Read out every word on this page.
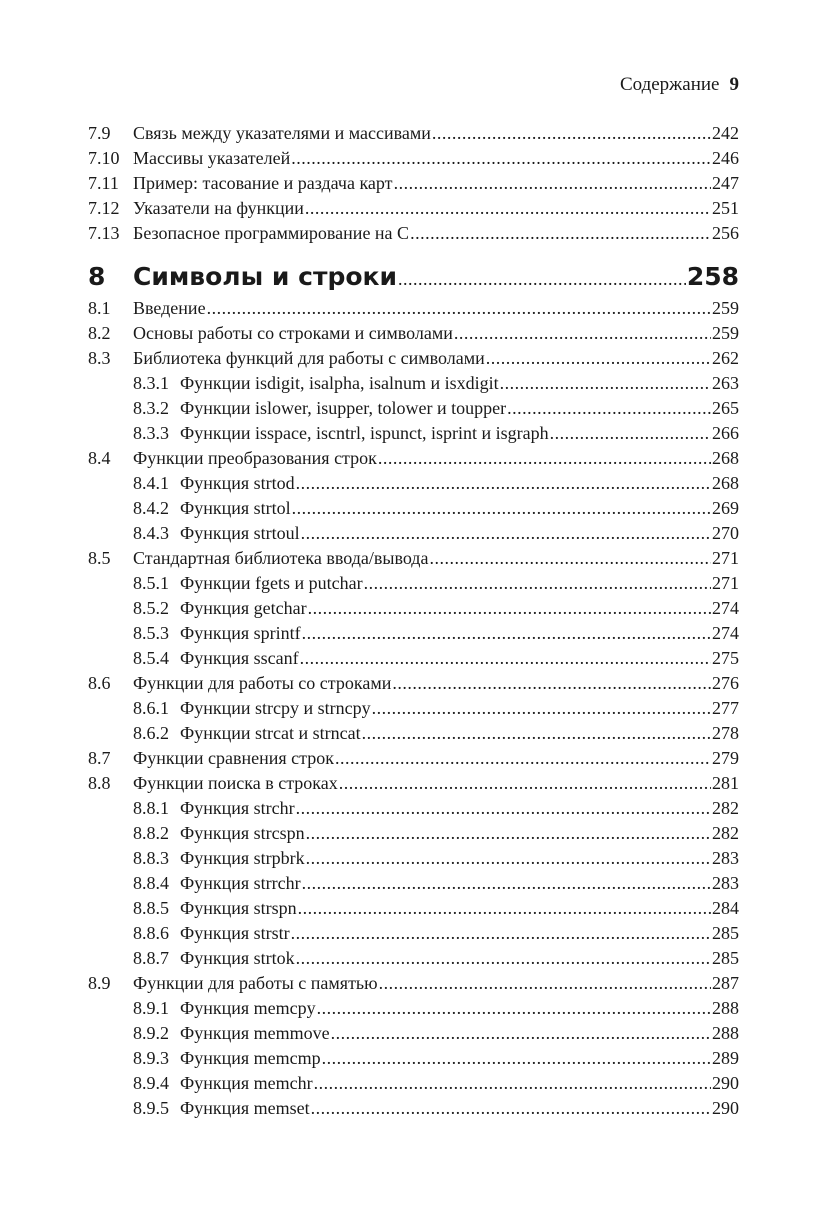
Содержание 9
7.9	Связь между указателями и массивами .....	242
7.10 Массивы указателей .....	246
7.11 Пример: тасование и раздача карт .....	247
7.12 Указатели на функции .....	251
7.13 Безопасное программирование на C .....	256
8	Символы и строки .....	258
8.1	Введение .....	259
8.2	Основы работы со строками и символами .....	259
8.3	Библиотека функций для работы с символами .....	262
8.3.1 Функции isdigit, isalpha, isalnum и isxdigit .....	263
8.3.2 Функции islower, isupper, tolower и toupper .....	265
8.3.3 Функции isspace, iscntrl, ispunct, isprint и isgraph .....	266
8.4	Функции преобразования строк .....	268
8.4.1 Функция strtod .....	268
8.4.2 Функция strtol .....	269
8.4.3 Функция strtoul .....	270
8.5	Стандартная библиотека ввода/вывода .....	271
8.5.1 Функции fgets и putchar .....	271
8.5.2 Функция getchar .....	274
8.5.3 Функция sprintf .....	274
8.5.4 Функция sscanf .....	275
8.6	Функции для работы со строками .....	276
8.6.1 Функции strcpy и strncpy .....	277
8.6.2 Функции strcat и strncat .....	278
8.7	Функции сравнения строк .....	279
8.8	Функции поиска в строках .....	281
8.8.1 Функция strchr .....	282
8.8.2 Функция strcspn .....	282
8.8.3 Функция strpbrk .....	283
8.8.4 Функция strrchr .....	283
8.8.5 Функция strspn .....	284
8.8.6 Функция strstr .....	285
8.8.7 Функция strtok .....	285
8.9	Функции для работы с памятью .....	287
8.9.1 Функция memcpy .....	288
8.9.2 Функция memmove .....	288
8.9.3 Функция memcmp .....	289
8.9.4 Функция memchr .....	290
8.9.5 Функция memset .....	290
